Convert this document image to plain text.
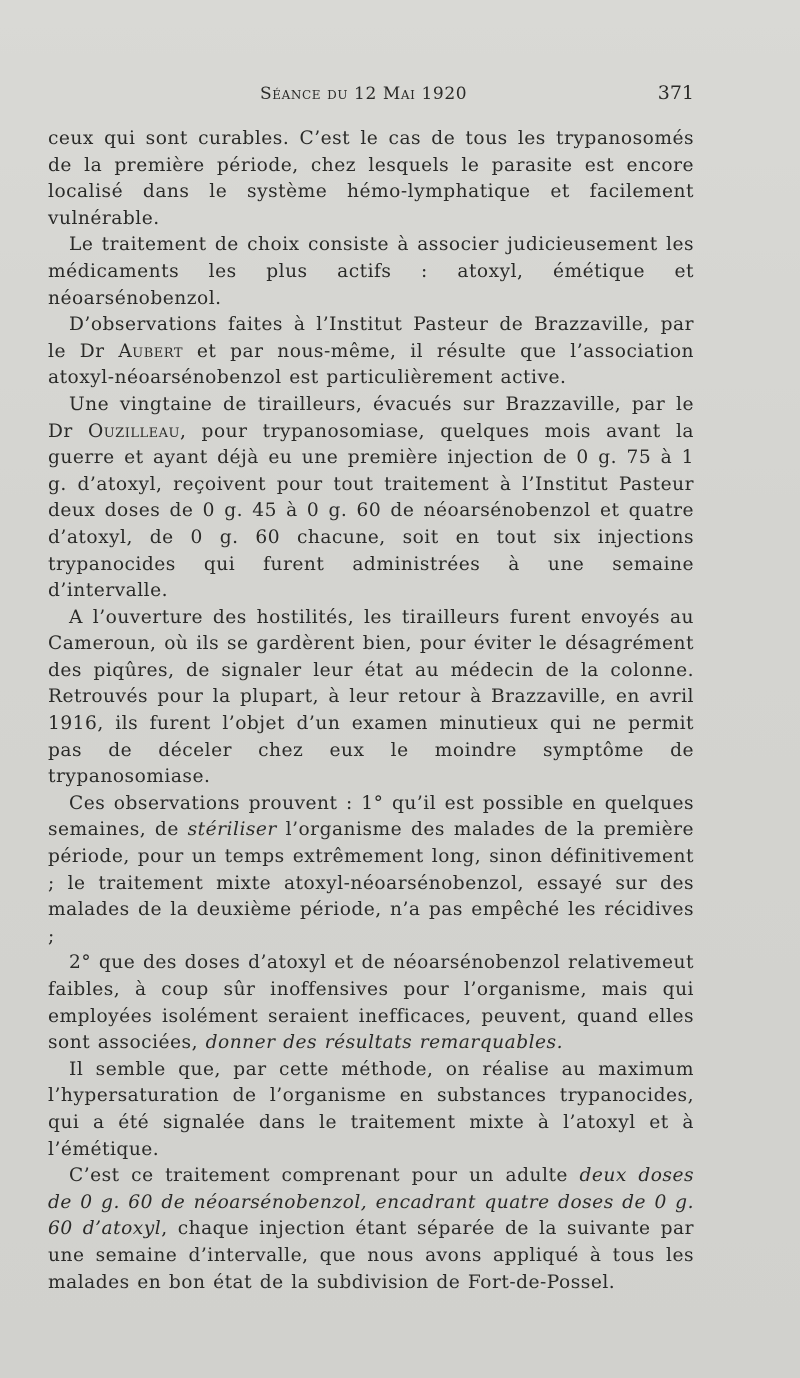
Séance du 12 Mai 1920	371

ceux qui sont curables. C’est le cas de tous les trypanosomés de la première période, chez lesquels le parasite est encore localisé dans le système hémo-lymphatique et facilement vulnérable.

Le traitement de choix consiste à associer judicieusement les médicaments les plus actifs : atoxyl, émétique et néoarsénobenzol.

D’observations faites à l’Institut Pasteur de Brazzaville, par le Dr Aubert et par nous-même, il résulte que l’association atoxyl-néoarsénobenzol est particulièrement active.

Une vingtaine de tirailleurs, évacués sur Brazzaville, par le Dr Ouzilleau, pour trypanosomiase, quelques mois avant la guerre et ayant déjà eu une première injection de 0 g. 75 à 1 g. d’atoxyl, reçoivent pour tout traitement à l’Institut Pasteur deux doses de 0 g. 45 à 0 g. 60 de néoarsénobenzol et quatre d’atoxyl, de 0 g. 60 chacune, soit en tout six injections trypanocides qui furent administrées à une semaine d’intervalle.

A l’ouverture des hostilités, les tirailleurs furent envoyés au Cameroun, où ils se gardèrent bien, pour éviter le désagrément des piqûres, de signaler leur état au médecin de la colonne. Retrouvés pour la plupart, à leur retour à Brazzaville, en avril 1916, ils furent l’objet d’un examen minutieux qui ne permit pas de déceler chez eux le moindre symptôme de trypanosomiase.

Ces observations prouvent : 1° qu’il est possible en quelques semaines, de stériliser l’organisme des malades de la première période, pour un temps extrêmement long, sinon définitivement ; le traitement mixte atoxyl-néoarsénobenzol, essayé sur des malades de la deuxième période, n’a pas empêché les récidives ;

2° que des doses d’atoxyl et de néoarsénobenzol relativemeut faibles, à coup sûr inoffensives pour l’organisme, mais qui employées isolément seraient inefficaces, peuvent, quand elles sont associées, donner des résultats remarquables.

Il semble que, par cette méthode, on réalise au maximum l’hypersaturation de l’organisme en substances trypanocides, qui a été signalée dans le traitement mixte à l’atoxyl et à l’émétique.

C’est ce traitement comprenant pour un adulte deux doses de 0 g. 60 de néoarsénobenzol, encadrant quatre doses de 0 g. 60 d’atoxyl, chaque injection étant séparée de la suivante par une semaine d’intervalle, que nous avons appliqué à tous les malades en bon état de la subdivision de Fort-de-Possel.
